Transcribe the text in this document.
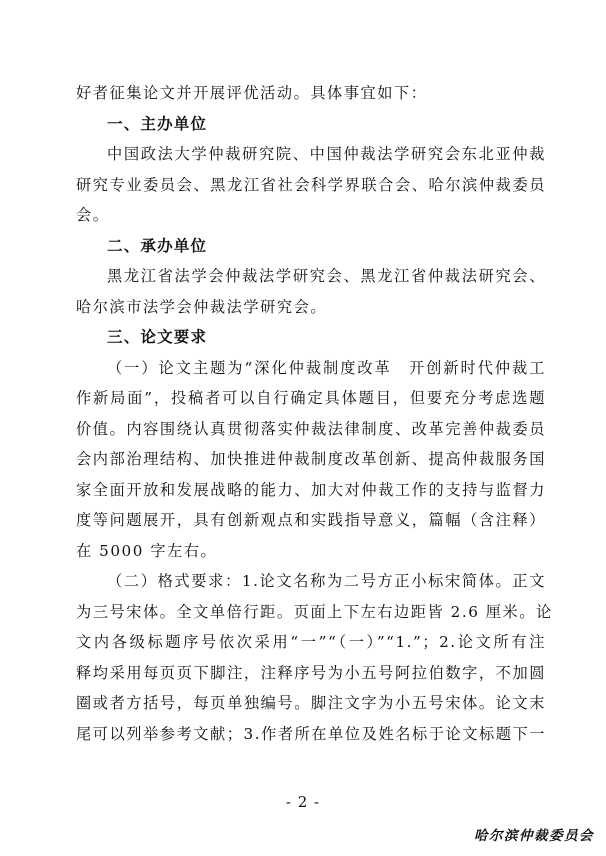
好者征集论文并开展评优活动。具体事宜如下：
一、主办单位
中国政法大学仲裁研究院、中国仲裁法学研究会东北亚仲裁
研究专业委员会、黑龙江省社会科学界联合会、哈尔滨仲裁委员
会。
二、承办单位
黑龙江省法学会仲裁法学研究会、黑龙江省仲裁法研究会、
哈尔滨市法学会仲裁法学研究会。
三、论文要求
（一）论文主题为“深化仲裁制度改革　开创新时代仲裁工
作新局面”，投稿者可以自行确定具体题目，但要充分考虑选题
价值。内容围绕认真贯彻落实仲裁法律制度、改革完善仲裁委员
会内部治理结构、加快推进仲裁制度改革创新、提高仲裁服务国
家全面开放和发展战略的能力、加大对仲裁工作的支持与监督力
度等问题展开，具有创新观点和实践指导意义，篇幅（含注释）
在 5000 字左右。
（二）格式要求：1.论文名称为二号方正小标宋简体。正文
为三号宋体。全文单倍行距。页面上下左右边距皆 2.6 厘米。论
文内各级标题序号依次采用“一”“（一）”“1.”；2.论文所有注
释均采用每页页下脚注，注释序号为小五号阿拉伯数字，不加圆
圈或者方括号，每页单独编号。脚注文字为小五号宋体。论文末
尾可以列举参考文献；3.作者所在单位及姓名标于论文标题下一
- 2 -
哈尔滨仲裁委员会
